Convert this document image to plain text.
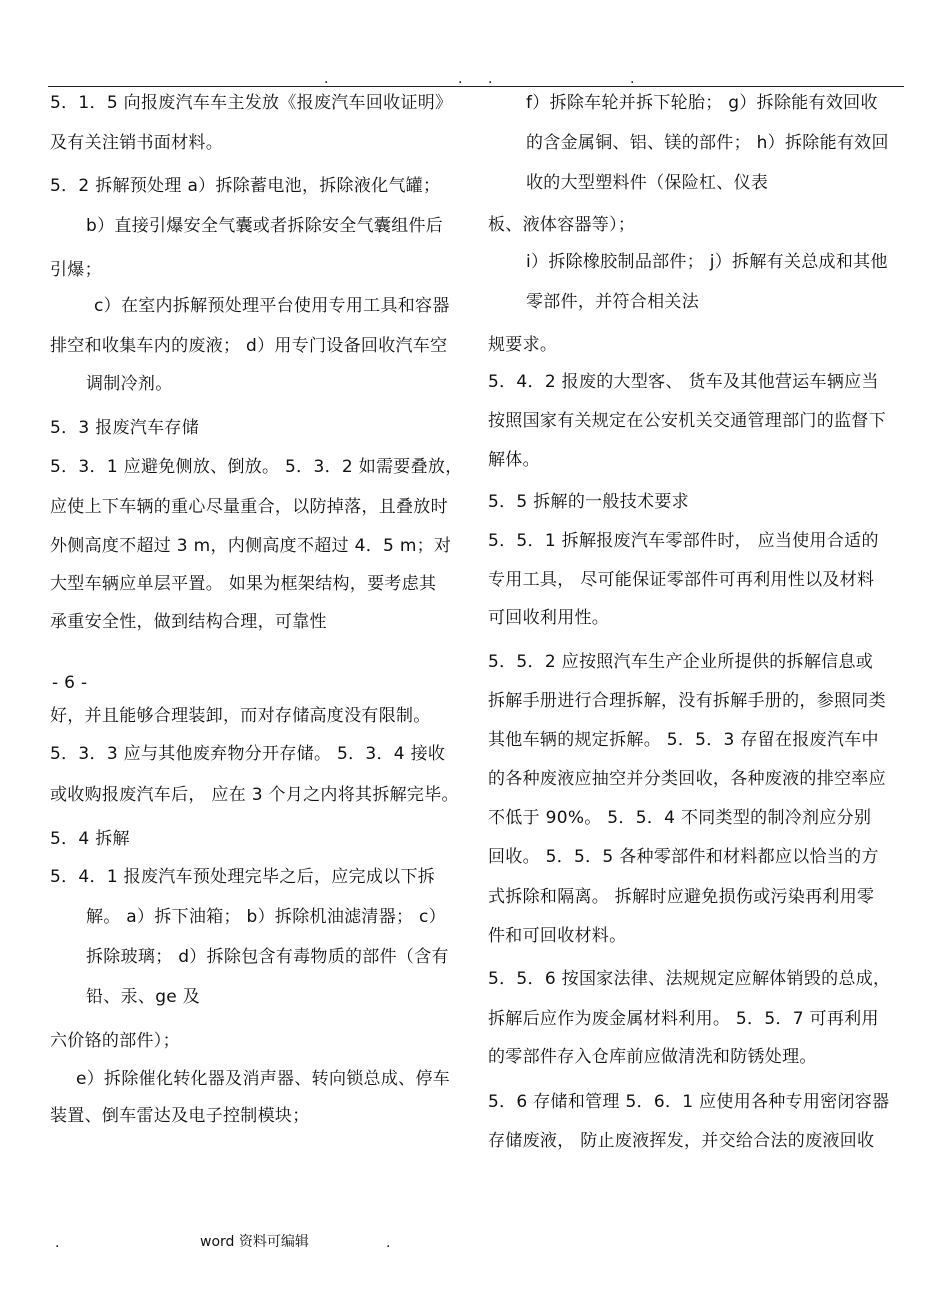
.	. .	.
5．1．5 向报废汽车车主发放《报废汽车回收证明》
及有关注销书面材料。
5．2 拆解预处理 a）拆除蓄电池，拆除液化气罐；
b）直接引爆安全气囊或者拆除安全气囊组件后
引爆；
c）在室内拆解预处理平台使用专用工具和容器
排空和收集车内的废液； d）用专门设备回收汽车空
调制冷剂。
5．3 报废汽车存储
5．3．1 应避免侧放、倒放。 5．3．2 如需要叠放，
应使上下车辆的重心尽量重合，以防掉落，且叠放时
外侧高度不超过 3 m，内侧高度不超过 4．5 m；对
大型车辆应单层平置。 如果为框架结构，要考虑其
承重安全性，做到结构合理，可靠性
- 6 -
好，并且能够合理装卸，而对存储高度没有限制。
5．3．3 应与其他废弃物分开存储。 5．3．4 接收
或收购报废汽车后， 应在 3 个月之内将其拆解完毕。
5．4 拆解
5．4．1 报废汽车预处理完毕之后，应完成以下拆
解。 a）拆下油箱； b）拆除机油滤清器； c）
拆除玻璃； d）拆除包含有毒物质的部件（含有
铅、汞、ge 及
六价铬的部件）；
e）拆除催化转化器及消声器、转向锁总成、停车
装置、倒车雷达及电子控制模块；
f）拆除车轮并拆下轮胎； g）拆除能有效回收
的含金属铜、铝、镁的部件； h）拆除能有效回
收的大型塑料件（保险杠、仪表
板、液体容器等）；
i）拆除橡胶制品部件； j）拆解有关总成和其他
零部件，并符合相关法
规要求。
5．4．2 报废的大型客、 货车及其他营运车辆应当
按照国家有关规定在公安机关交通管理部门的监督下
解体。
5．5 拆解的一般技术要求
5．5．1 拆解报废汽车零部件时， 应当使用合适的
专用工具， 尽可能保证零部件可再利用性以及材料
可回收利用性。
5．5．2 应按照汽车生产企业所提供的拆解信息或
拆解手册进行合理拆解，没有拆解手册的，参照同类
其他车辆的规定拆解。 5．5．3 存留在报废汽车中
的各种废液应抽空并分类回收，各种废液的排空率应
不低于 90%。 5．5．4 不同类型的制冷剂应分别
回收。 5．5．5 各种零部件和材料都应以恰当的方
式拆除和隔离。 拆解时应避免损伤或污染再利用零
件和可回收材料。
5．5．6 按国家法律、法规规定应解体销毁的总成，
拆解后应作为废金属材料利用。 5．5．7 可再利用
的零部件存入仓库前应做清洗和防锈处理。
5．6 存储和管理 5．6．1 应使用各种专用密闭容器
存储废液， 防止废液挥发，并交给合法的废液回收
.	word 资料可编辑	.
